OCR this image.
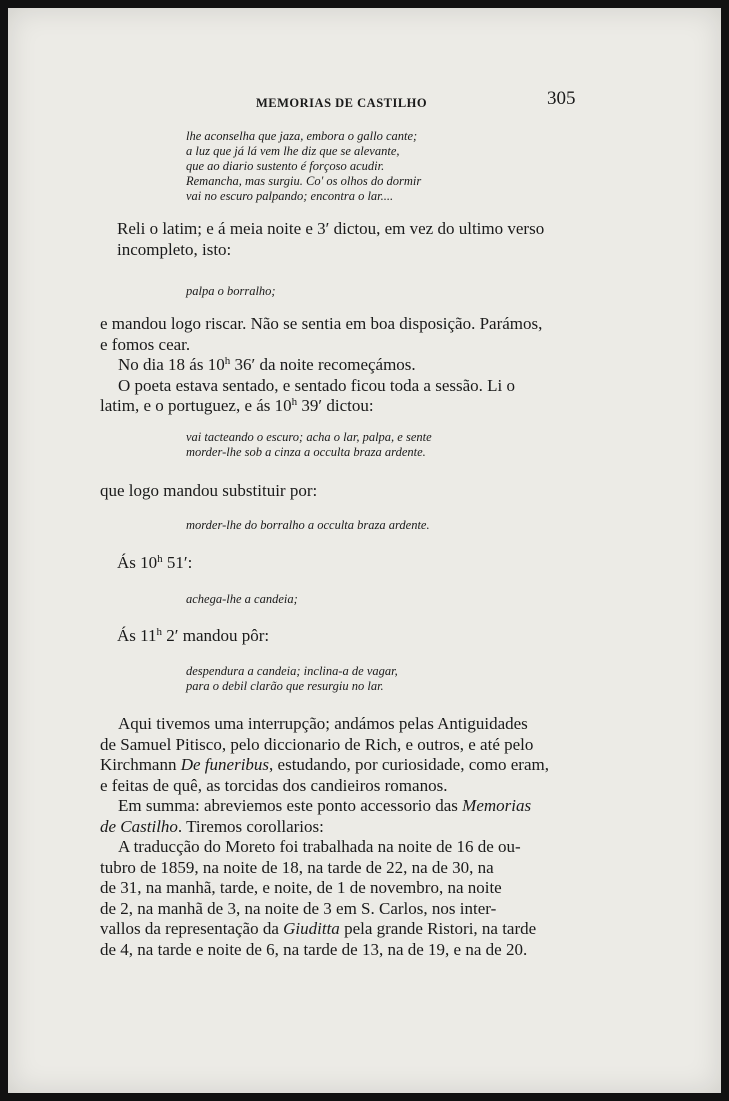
MEMORIAS DE CASTILHO	305
lhe aconselha que jaza, embora o gallo cante;
a luz que já lá vem lhe diz que se alevante,
que ao diario sustento é forçoso acudir.
Remancha, mas surgiu. Co' os olhos do dormir
vai no escuro palpando; encontra o lar....
Reli o latim; e á meia noite e 3′ dictou, em vez do ultimo verso
incompleto, isto:
palpa o borralho;
e mandou logo riscar. Não se sentia em boa disposição. Parámos,
e fomos cear.
No dia 18 ás 10$^h$ 36′ da noite recomeçámos.
O poeta estava sentado, e sentado ficou toda a sessão. Li o
latim, e o portuguez, e ás 10$^h$ 39′ dictou:
vai tacteando o escuro; acha o lar, palpa, e sente
morder-lhe sob a cinza a occulta braza ardente.
que logo mandou substituir por:
morder-lhe do borralho a occulta braza ardente.
Ás 10$^h$ 51′:
achega-lhe a candeia;
Ás 11$^h$ 2′ mandou pôr:
despendura a candeia; inclina-a de vagar,
para o debil clarão que resurgiu no lar.
Aqui tivemos uma interrupção; andámos pelas Antiguidades
de Samuel Pitisco, pelo diccionario de Rich, e outros, e até pelo
Kirchmann De funeribus, estudando, por curiosidade, como eram,
e feitas de quê, as torcidas dos candieiros romanos.
Em summa: abreviemos este ponto accessorio das Memorias
de Castilho. Tiremos corollarios:
A traducção do Moreto foi trabalhada na noite de 16 de ou-
tubro de 1859, na noite de 18, na tarde de 22, na de 30, na
de 31, na manhã, tarde, e noite, de 1 de novembro, na noite
de 2, na manhã de 3, na noite de 3 em S. Carlos, nos inter-
vallos da representação da Giuditta pela grande Ristori, na tarde
de 4, na tarde e noite de 6, na tarde de 13, na de 19, e na de 20.
